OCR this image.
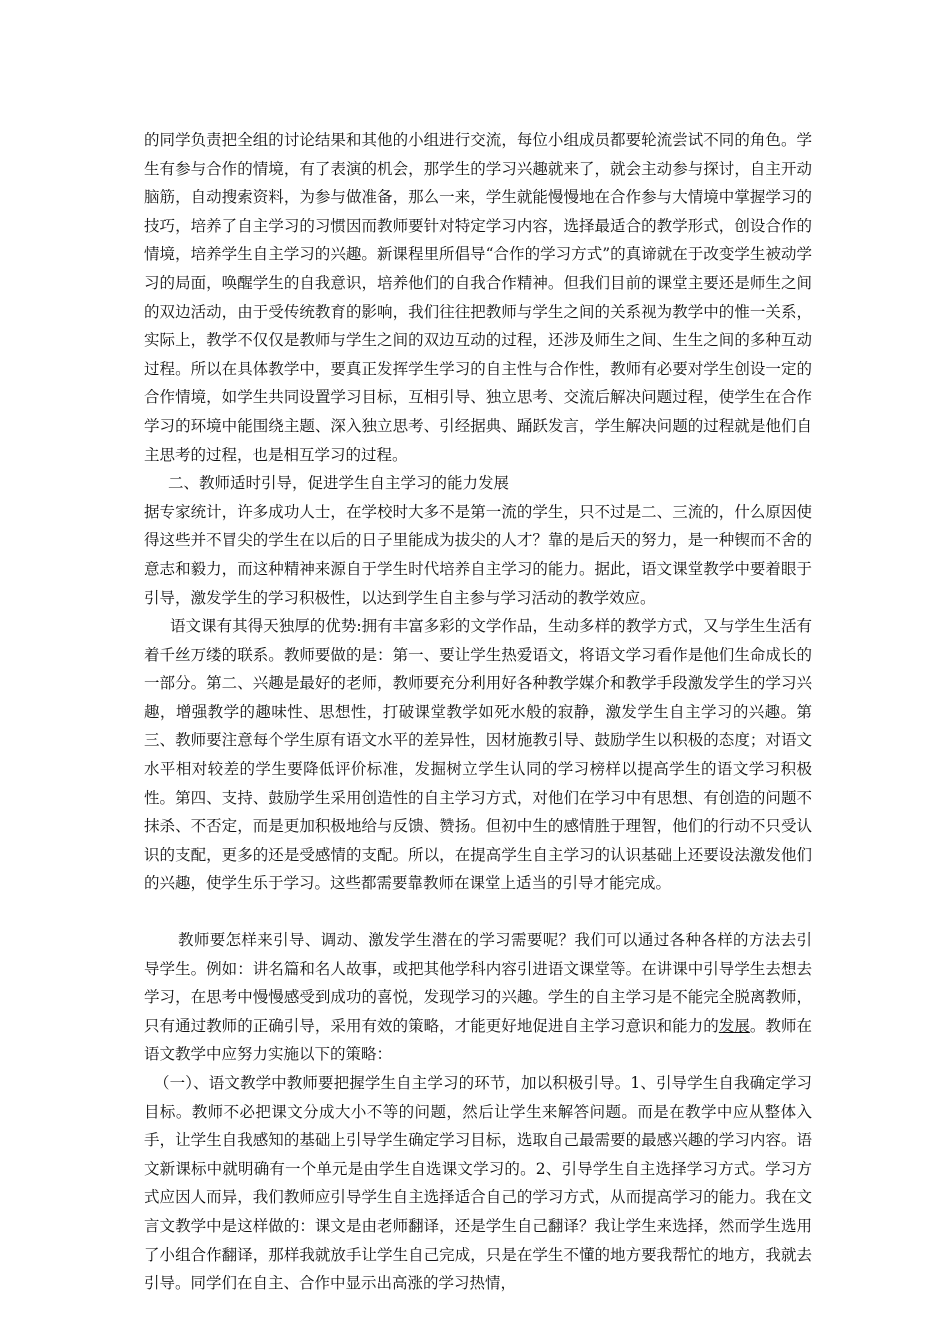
的同学负责把全组的讨论结果和其他的小组进行交流，每位小组成员都要轮流尝试不同的角色。学生有参与合作的情境，有了表演的机会，那学生的学习兴趣就来了，就会主动参与探讨，自主开动脑筋，自动搜索资料，为参与做准备，那么一来，学生就能慢慢地在合作参与大情境中掌握学习的技巧，培养了自主学习的习惯因而教师要针对特定学习内容，选择最适合的教学形式，创设合作的情境，培养学生自主学习的兴趣。新课程里所倡导“合作的学习方式”的真谛就在于改变学生被动学习的局面，唤醒学生的自我意识，培养他们的自我合作精神。但我们目前的课堂主要还是师生之间的双边活动，由于受传统教育的影响，我们往往把教师与学生之间的关系视为教学中的惟一关系，实际上，教学不仅仅是教师与学生之间的双边互动的过程，还涉及师生之间、生生之间的多种互动过程。所以在具体教学中，要真正发挥学生学习的自主性与合作性，教师有必要对学生创设一定的合作情境，如学生共同设置学习目标，互相引导、独立思考、交流后解决问题过程，使学生在合作学习的环境中能围绕主题、深入独立思考、引经据典、踊跃发言，学生解决问题的过程就是他们自主思考的过程，也是相互学习的过程。

二、教师适时引导，促进学生自主学习的能力发展

据专家统计，许多成功人士，在学校时大多不是第一流的学生，只不过是二、三流的，什么原因使得这些并不冒尖的学生在以后的日子里能成为拔尖的人才？靠的是后天的努力，是一种锲而不舍的意志和毅力，而这种精神来源自于学生时代培养自主学习的能力。据此，语文课堂教学中要着眼于引导，激发学生的学习积极性，以达到学生自主参与学习活动的教学效应。

语文课有其得天独厚的优势:拥有丰富多彩的文学作品，生动多样的教学方式，又与学生生活有着千丝万缕的联系。教师要做的是：第一、要让学生热爱语文，将语文学习看作是他们生命成长的一部分。第二、兴趣是最好的老师，教师要充分利用好各种教学媒介和教学手段激发学生的学习兴趣，增强教学的趣味性、思想性，打破课堂教学如死水般的寂静，激发学生自主学习的兴趣。第三、教师要注意每个学生原有语文水平的差异性，因材施教引导、鼓励学生以积极的态度；对语文水平相对较差的学生要降低评价标准，发掘树立学生认同的学习榜样以提高学生的语文学习积极性。第四、支持、鼓励学生采用创造性的自主学习方式，对他们在学习中有思想、有创造的问题不抹杀、不否定，而是更加积极地给与反馈、赞扬。但初中生的感情胜于理智，他们的行动不只受认识的支配，更多的还是受感情的支配。所以，在提高学生自主学习的认识基础上还要设法激发他们的兴趣，使学生乐于学习。这些都需要靠教师在课堂上适当的引导才能完成。

教师要怎样来引导、调动、激发学生潜在的学习需要呢？我们可以通过各种各样的方法去引导学生。例如：讲名篇和名人故事，或把其他学科内容引进语文课堂等。在讲课中引导学生去想去学习，在思考中慢慢感受到成功的喜悦，发现学习的兴趣。学生的自主学习是不能完全脱离教师，只有通过教师的正确引导，采用有效的策略，才能更好地促进自主学习意识和能力的发展。教师在语文教学中应努力实施以下的策略：

（一）、语文教学中教师要把握学生自主学习的环节，加以积极引导。1、引导学生自我确定学习目标。教师不必把课文分成大小不等的问题，然后让学生来解答问题。而是在教学中应从整体入手，让学生自我感知的基础上引导学生确定学习目标，选取自己最需要的最感兴趣的学习内容。语文新课标中就明确有一个单元是由学生自选课文学习的。2、引导学生自主选择学习方式。学习方式应因人而异，我们教师应引导学生自主选择适合自己的学习方式，从而提高学习的能力。我在文言文教学中是这样做的：课文是由老师翻译，还是学生自己翻译？我让学生来选择，然而学生选用了小组合作翻译，那样我就放手让学生自己完成，只是在学生不懂的地方要我帮忙的地方，我就去引导。同学们在自主、合作中显示出高涨的学习热情，
